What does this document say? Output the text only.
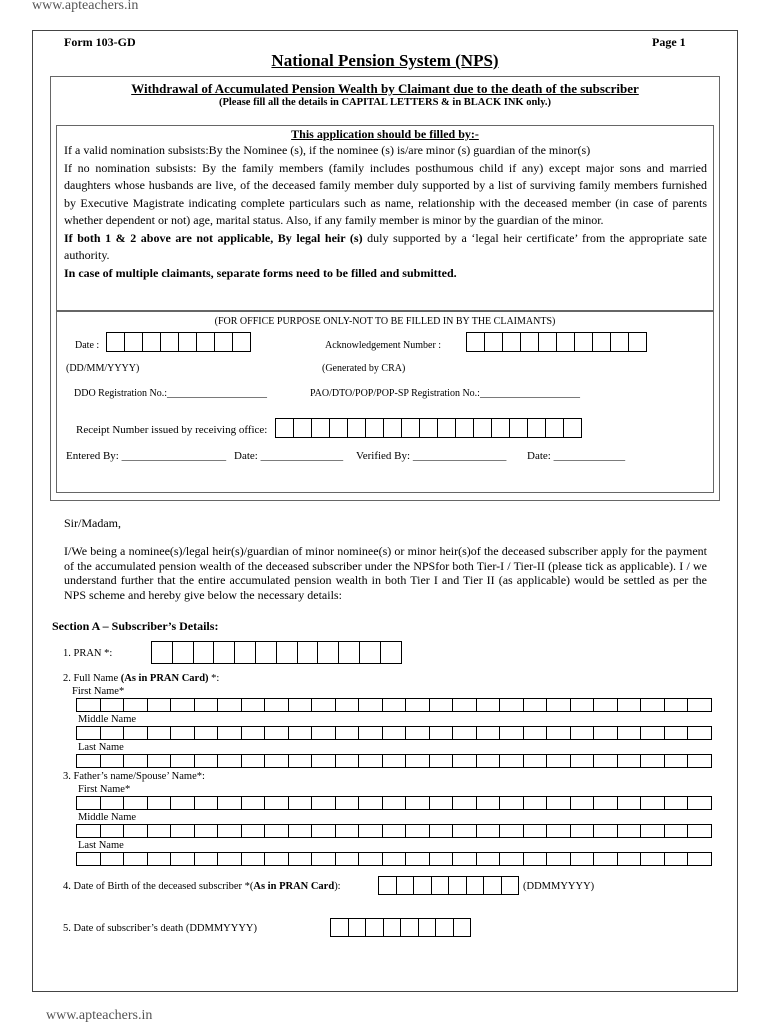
www.apteachers.in
www.apteachers.in
Form 103-GD	Page 1
National Pension System (NPS)
Withdrawal of Accumulated Pension Wealth by Claimant due to the death of the subscriber
(Please fill all the details in CAPITAL LETTERS & in BLACK INK only.)
This application should be filled by:-
If a valid nomination subsists:By the Nominee (s), if the nominee (s) is/are minor (s) guardian of the minor(s)
If no nomination subsists: By the family members (family includes posthumous child if any) except major sons and married daughters whose husbands are live, of the deceased family member duly supported by a list of surviving family members furnished by Executive Magistrate indicating complete particulars such as name, relationship with the deceased member (in case of parents whether dependent or not) age, marital status. Also, if any family member is minor by the guardian of the minor.
If both 1 & 2 above are not applicable, By legal heir (s) duly supported by a ‘legal heir certificate’ from the appropriate sate authority.
In case of multiple claimants, separate forms need to be filled and submitted.
(FOR OFFICE PURPOSE ONLY-NOT TO BE FILLED IN BY THE CLAIMANTS)
Date :	Acknowledgement Number :
(DD/MM/YYYY)	(Generated by CRA)
DDO Registration No.:____________________	PAO/DTO/POP/POP-SP Registration No.:____________________
Receipt Number issued by receiving office:
Entered By: ___________________ Date: _______________ Verified By: _________________ Date: _____________
Sir/Madam,
I/We being a nominee(s)/legal heir(s)/guardian of minor nominee(s) or minor heir(s)of the deceased subscriber apply for the payment of the accumulated pension wealth of the deceased subscriber under the NPSfor both Tier-I / Tier-II (please tick as applicable). I / we understand further that the entire accumulated pension wealth in both Tier I and Tier II (as applicable) would be settled as per the NPS scheme and hereby give below the necessary details:
Section A – Subscriber’s Details:
1. PRAN *:
2. Full Name (As in PRAN Card) *:
First Name*
Middle Name
Last Name
3. Father’s name/Spouse’ Name*:
First Name*
Middle Name
Last Name
4. Date of Birth of the deceased subscriber *(As in PRAN Card):	(DDMMYYYY)
5. Date of subscriber’s death (DDMMYYYY)
